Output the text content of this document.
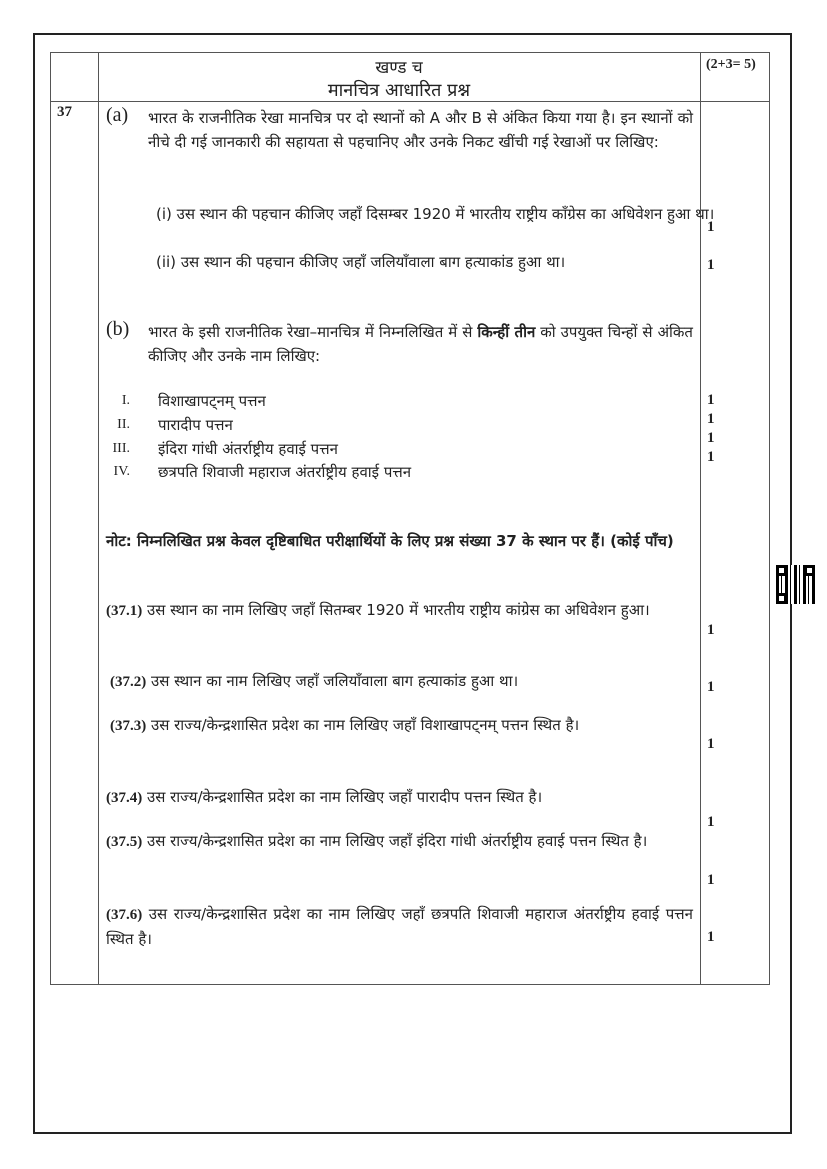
खण्ड च
मानचित्र आधारित प्रश्न
(2+3= 5)
37 (a) भारत के राजनीतिक रेखा मानचित्र पर दो स्थानों को A और B से अंकित किया गया है। इन स्थानों को नीचे दी गई जानकारी की सहायता से पहचानिए और उनके निकट खींची गई रेखाओं पर लिखिए:
(i) उस स्थान की पहचान कीजिए जहाँ दिसम्बर 1920 में भारतीय राष्ट्रीय काँग्रेस का अधिवेशन हुआ था।
(ii) उस स्थान की पहचान कीजिए जहाँ जलियाँवाला बाग हत्याकांड हुआ था।
1
1
(b) भारत के इसी राजनीतिक रेखा–मानचित्र में निम्नलिखित में से किन्हीं तीन को उपयुक्त चिन्हों से अंकित कीजिए और उनके नाम लिखिए:
I. विशाखापट्नम् पत्तन
II. पारादीप पत्तन
III. इंदिरा गांधी अंतर्राष्ट्रीय हवाई पत्तन
IV. छत्रपति शिवाजी महाराज अंतर्राष्ट्रीय हवाई पत्तन
1
1
1
1
नोट: निम्नलिखित प्रश्न केवल दृष्टिबाधित परीक्षार्थियों के लिए प्रश्न संख्या 37 के स्थान पर हैं। (कोई पाँच)
(37.1) उस स्थान का नाम लिखिए जहाँ सितम्बर 1920 में भारतीय राष्ट्रीय कांग्रेस का अधिवेशन हुआ।
1
(37.2) उस स्थान का नाम लिखिए जहाँ जलियाँवाला बाग हत्याकांड हुआ था।	1
(37.3) उस राज्य/केन्द्रशासित प्रदेश का नाम लिखिए जहाँ विशाखापट्नम् पत्तन स्थित है।
1
(37.4) उस राज्य/केन्द्रशासित प्रदेश का नाम लिखिए जहाँ पारादीप पत्तन स्थित है।
1
(37.5) उस राज्य/केन्द्रशासित प्रदेश का नाम लिखिए जहाँ इंदिरा गांधी अंतर्राष्ट्रीय हवाई पत्तन स्थित है।
1
(37.6) उस राज्य/केन्द्रशासित प्रदेश का नाम लिखिए जहाँ छत्रपति शिवाजी महाराज अंतर्राष्ट्रीय हवाई पत्तन स्थित है।	1
